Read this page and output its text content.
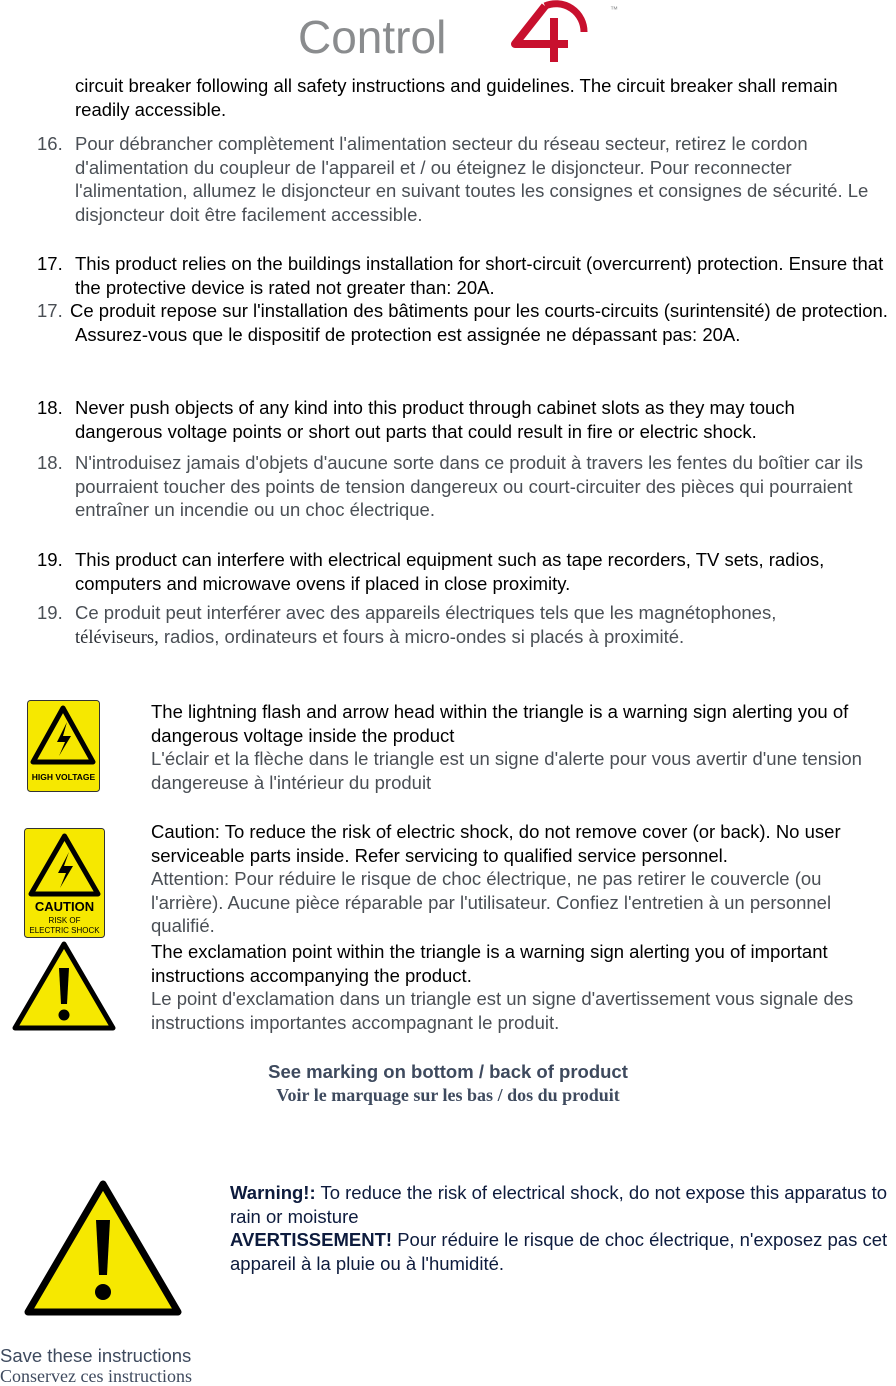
Control
™
circuit breaker following all safety instructions and guidelines. The circuit breaker shall remain readily accessible.
16. Pour débrancher complètement l'alimentation secteur du réseau secteur, retirez le cordon d'alimentation du coupleur de l'appareil et / ou éteignez le disjoncteur. Pour reconnecter l'alimentation, allumez le disjoncteur en suivant toutes les consignes et consignes de sécurité. Le disjoncteur doit être facilement accessible.
17. This product relies on the buildings installation for short-circuit (overcurrent) protection. Ensure that the protective device is rated not greater than: 20A.
17. Ce produit repose sur l'installation des bâtiments pour les courts-circuits (surintensité) de protection. Assurez-vous que le dispositif de protection est assignée ne dépassant pas: 20A.
18. Never push objects of any kind into this product through cabinet slots as they may touch dangerous voltage points or short out parts that could result in fire or electric shock.
18. N'introduisez jamais d'objets d'aucune sorte dans ce produit à travers les fentes du boîtier car ils pourraient toucher des points de tension dangereux ou court-circuiter des pièces qui pourraient entraîner un incendie ou un choc électrique.
19. This product can interfere with electrical equipment such as tape recorders, TV sets, radios, computers and microwave ovens if placed in close proximity.
19. Ce produit peut interférer avec des appareils électriques tels que les magnétophones,
téléviseurs, radios, ordinateurs et fours à micro-ondes si placés à proximité.
HIGH VOLTAGE
The lightning flash and arrow head within the triangle is a warning sign alerting you of dangerous voltage inside the product
L'éclair et la flèche dans le triangle est un signe d'alerte pour vous avertir d'une tension dangereuse à l'intérieur du produit
CAUTION
RISK OF
ELECTRIC SHOCK
Caution: To reduce the risk of electric shock, do not remove cover (or back). No user serviceable parts inside. Refer servicing to qualified service personnel.
Attention: Pour réduire le risque de choc électrique, ne pas retirer le couvercle (ou l'arrière). Aucune pièce réparable par l'utilisateur. Confiez l'entretien à un personnel qualifié.
The exclamation point within the triangle is a warning sign alerting you of important instructions accompanying the product.
Le point d'exclamation dans un triangle est un signe d'avertissement vous signale des instructions importantes accompagnant le produit.
See marking on bottom / back of product
Voir le marquage sur les bas / dos du produit
Warning!: To reduce the risk of electrical shock, do not expose this apparatus to rain or moisture
AVERTISSEMENT! Pour réduire le risque de choc électrique, n'exposez pas cet appareil à la pluie ou à l'humidité.
Save these instructions
Conservez ces instructions
